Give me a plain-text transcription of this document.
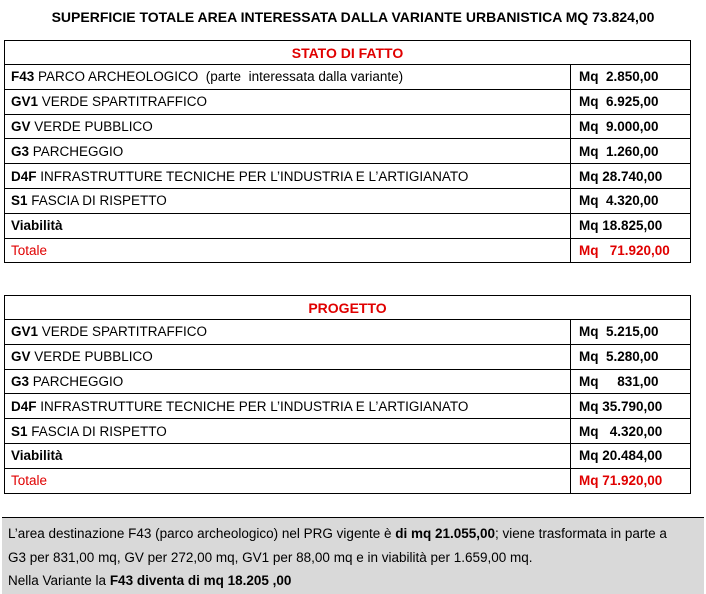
SUPERFICIE TOTALE AREA INTERESSATA DALLA VARIANTE URBANISTICA MQ 73.824,00
STATO DI FATTO	
F43 PARCO ARCHEOLOGICO  (parte  interessata dalla variante)	Mq  2.850,00
GV1 VERDE SPARTITRAFFICO	Mq  6.925,00
GV VERDE PUBBLICO	Mq  9.000,00
G3 PARCHEGGIO	Mq  1.260,00
D4F INFRASTRUTTURE TECNICHE PER L’INDUSTRIA E L’ARTIGIANATO	Mq 28.740,00
S1 FASCIA DI RISPETTO	Mq  4.320,00
Viabilità	Mq 18.825,00
Totale	Mq   71.920,00
PROGETTO	
GV1 VERDE SPARTITRAFFICO	Mq  5.215,00
GV VERDE PUBBLICO	Mq  5.280,00
G3 PARCHEGGIO	Mq     831,00
D4F INFRASTRUTTURE TECNICHE PER L’INDUSTRIA E L’ARTIGIANATO	Mq 35.790,00
S1 FASCIA DI RISPETTO	Mq   4.320,00
Viabilità	Mq 20.484,00
Totale	Mq 71.920,00
L’area destinazione F43 (parco archeologico) nel PRG vigente è di mq 21.055,00; viene trasformata in parte a
G3 per 831,00 mq, GV per 272,00 mq, GV1 per 88,00 mq e in viabilità per 1.659,00 mq.
Nella Variante la F43 diventa di mq 18.205 ,00
